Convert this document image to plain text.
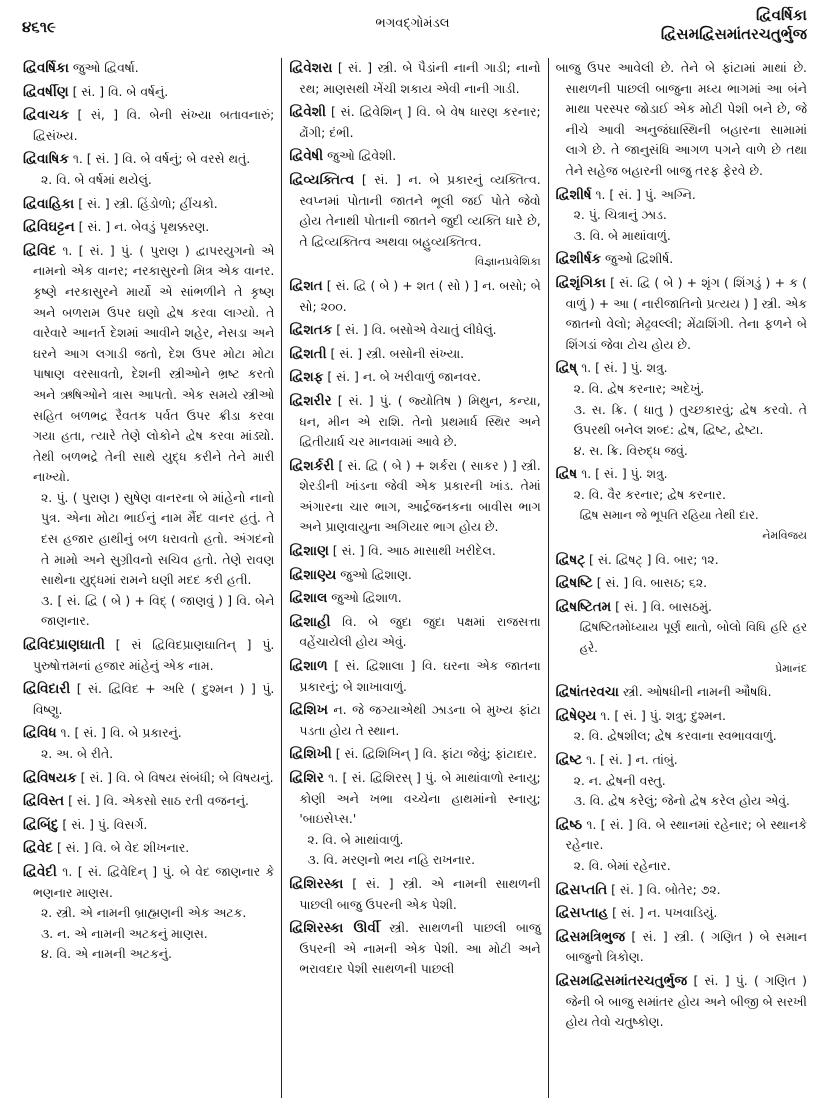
૪૬૧૯	ભગવદ્ગોમંડલ	દ્વિવર્ષિકા
દ્વિસમદ્વિસમાંતરચતુર્ભુજ
દ્વિવર્ષિકા જુઓ દ્વિવર્ષા.
દ્વિવર્ષીણ [ સં. ] વિ. બે વર્ષનું.
દ્વિવાચક [ સં, ] વિ. બેની સંખ્યા બતાવનારું; દ્વિસંખ્ય.
દ્વિવાષિક ૧. [ સં. ] વિ. બે વર્ષનું; બે વરસે થતું.
૨. વિ. બે વર્ષમાં થયેલું.
દ્વિવાહિકા [ સં. ] સ્ત્રી. હિંડોળો; હીંચકો.
દ્વિવિઘટ્ટન [ સં. ] ન. બેવડું પૃથક્કરણ.
દ્વિવિદ ૧. [ સં. ] પું. ( પુરાણ ) દ્વાપરયુગનો એ નામનો એક વાનર; નરકાસુરનો મિત્ર એક વાનર. કૃષ્ણે નરકાસુરને માર્યો એ સાંભળીને તે કૃષ્ણ અને બળરામ ઉપર ઘણો દ્વેષ કરવા લાગ્યો. તે વારેવારે આનર્ત દેશમાં આવીને શહેર, નેસડા અને ઘરને આગ લગાડી જતો, દેશ ઉપર મોટા મોટા પાષાણ વરસાવતો, દેશની સ્ત્રીઓને ભ્રષ્ટ કરતો અને ઋષિઓને ત્રાસ આપતો. એક સમયે સ્ત્રીઓ સહિત બળભદ્ર રૈવતક પર્વત ઉપર ક્રીડા કરવા ગયા હતા, ત્યારે તેણે લોકોને દ્વેષ કરવા માંડ્યો. તેથી બળભદ્રે તેની સાથે યુદ્ધ કરીને તેને મારી નાખ્યો.
૨. પું. ( પુરાણ ) સુષેણ વાનરના બે માંહેનો નાનો પુત્ર. એના મોટા ભાઈનું નામ મૈંદ વાનર હતું. તે દસ હજાર હાથીનું બળ ધરાવતો હતો. અંગદનો તે મામો અને સુગ્રીવનો સચિવ હતો. તેણે રાવણ સાથેના યુદ્ધમાં રામને ઘણી મદદ કરી હતી.
૩. [ સં. દ્વિ ( બે ) + વિદ્ ( જાણવું ) ] વિ. બેને જાણનાર.
દ્વિવિદપ્રાણઘાતી [ સં દ્વિવિદપ્રાણઘાતિન્ ] પું. પુરુષોત્તમનાં હજાર માંહેનું એક નામ.
દ્વિવિદારી [ સં. દ્વિવિદ + અરિ ( દુશ્મન ) ] પું. વિષ્ણુ.
દ્વિવિધ ૧. [ સં. ] વિ. બે પ્રકારનું.
૨. અ. બે રીતે.
દ્વિવિષયક [ સં. ] વિ. બે વિષય સંબંધી; બે વિષયનું.
દ્વિવિસ્ત [ સં. ] વિ. એકસો સાઠ રતી વજનનું.
દ્વિબિંદુ [ સં. ] પું. વિસર્ગ.
દ્વિવેદ [ સં. ] વિ. બે વેદ શીખનાર.
દ્વિવેદી ૧. [ સં. દ્વિવેદિન્ ] પું. બે વેદ જાણનાર કે ભણનાર માણસ.
૨. સ્ત્રી. એ નામની બ્રાહ્મણની એક અટક.
૩. ન. એ નામની અટકનું માણસ.
૪. વિ. એ નામની અટકનું.
દ્વિવેશરા [ સં. ] સ્ત્રી. બે પૈડાંની નાની ગાડી; નાનો રથ; માણસથી ખેંચી શકાય એવી નાની ગાડી.
દ્વિવેશી [ સં. દ્વિવેશિન્ ] વિ. બે વેષ ધારણ કરનાર; ઢોંગી; દંભી.
દ્વિવેષી જુઓ દ્વિવેશી.
દ્વિવ્યક્તિત્વ [ સં. ] ન. બે પ્રકારનું વ્યક્તિત્વ. સ્વપ્નમાં પોતાની જાતને ભૂલી જઈ પોતે જેવો હોય તેનાથી પોતાની જાતને જુદી વ્યક્તિ ધારે છે, તે દ્વિવ્યક્તિત્વ અથવા બહુવ્યક્તિત્વ.
વિજ્ઞાનપ્રવેશિકા
દ્વિશત [ સં. દ્વિ ( બે ) + શત ( સો ) ] ન. બસો; બે સો; ૨૦૦.
દ્વિશતક [ સં. ] વિ. બસોએ વેચાતું લીધેલું.
દ્વિશતી [ સં. ] સ્ત્રી. બસોની સંખ્યા.
દ્વિશફ [ સં. ] ન. બે ખરીવાળું જાનવર.
દ્વિશરીર [ સં. ] પું. ( જ્યોતિષ ) મિથુન, કન્યા, ધન, મીન એ રાશિ. તેનો પ્રથમાર્ધ સ્થિર અને દ્વિતીયાર્ધ ચર માનવામાં આવે છે.
દ્વિશર્કરી [ સં. દ્વિ ( બે ) + શર્કરા ( સાકર ) ] સ્ત્રી. શેરડીની ખાંડના જેવી એક પ્રકારની ખાંડ. તેમાં અંગારના ચાર ભાગ, આર્દ્રજનકના બાવીસ ભાગ અને પ્રાણવાયુના અગિયાર ભાગ હોય છે.
દ્વિશાણ [ સં. ] વિ. આઠ માસાથી ખરીદેલ.
દ્વિશાણ્ય જુઓ દ્વિશાણ.
દ્વિશાલ જુઓ દ્વિશાળ.
દ્વિશાહી વિ. બે જુદા જુદા પક્ષમાં રાજસત્તા વહેંચાયેલી હોય એવું.
દ્વિશાળ [ સં. દ્વિશાલા ] વિ. ઘરના એક જાતના પ્રકારનું; બે શાખાવાળું.
દ્વિશિખ ન. જે જગ્યાએથી ઝાડના બે મુખ્ય ફાંટા પડતા હોય તે સ્થાન.
દ્વિશિખી [ સં. દ્વિશિખિન્ ] વિ. ફાંટા જેવું; ફાંટાદાર.
દ્વિશિર ૧. [ સં. દ્વિશિરસ્ ] પું. બે માથાંવાળો સ્નાયુ; કોણી અને ખભા વચ્ચેના હાથમાંનો સ્નાયુ; 'બાઇસેપ્સ.'
૨. વિ. બે માથાંવાળું.
૩. વિ. મરણનો ભય નહિ રાખનાર.
દ્વિશિરસ્કા [ સં. ] સ્ત્રી. એ નામની સાથળની પાછલી બાજુ ઉપરની એક પેશી.
દ્વિશિરસ્કા ઊર્વી સ્ત્રી. સાથળની પાછલી બાજુ ઉપરની એ નામની એક પેશી. આ મોટી અને ભરાવદાર પેશી સાથળની પાછલી
બાજુ ઉપર આવેલી છે. તેને બે ફાંટામાં માથાં છે. સાથળની પાછલી બાજુના મધ્ય ભાગમાં આ બંને માથા પરસ્પર જોડાઈ એક મોટી પેશી બને છે, જે નીચે આવી અનુજંઘાસ્થિની બહારના સામામાં લાગે છે. તે જાનુસંધિ આગળ પગને વાળે છે તથા તેને સહેજ બહારની બાજુ તરફ ફેરવે છે.
દ્વિશીર્ષ ૧. [ સં. ] પું. અગ્નિ.
૨. પું. ચિત્રાનું ઝાડ.
૩. વિ. બે માથાંવાળું.
દ્વિશીર્ષક જુઓ દ્વિશીર્ષ.
દ્વિશૃંગિકા [ સં. દ્વિ ( બે ) + શૃંગ ( શિંગડું ) + ક ( વાળું ) + આ ( નારીજાતિનો પ્રત્યય ) ] સ્ત્રી. એક જાતનો વેલો; મેઢ્રવલ્લી; મેંઢાશિંગી. તેના ફળને બે શિંગડાં જેવા ટોચ હોય છે.
દ્વિષ્ ૧. [ સં. ] પું. શત્રુ.
૨. વિ. દ્વેષ કરનાર; અદેખું.
૩. સ. ક્રિ. ( ધાતુ ) તુચ્છકારવું; દ્વેષ કરવો. તે ઉપરથી બનેલ શબ્દ: દ્વેષ, દ્વિષ્ટ, દ્વેષ્ટા.
૪. સ. ક્રિ. વિરુદ્ધ જવું.
દ્વિષ ૧. [ સં. ] પું. શત્રુ.
૨. વિ. વૈર કરનાર; દ્વેષ કરનાર.
દ્વિષ સમાન જે ભૂપતિ રહિયા તેથી દાર.
નેમવિજય
દ્વિષટ્ [ સં. દ્વિષટ્ ] વિ. બાર; ૧૨.
દ્વિષષ્ટિ [ સં. ] વિ. બાસઠ; ૬૨.
દ્વિષષ્ટિતમ [ સં. ] વિ. બાસઠમું.
દ્વિષષ્ટિતમોધ્યાય પૂર્ણ થાતો, બોલો વિધિ હરિ હર હરે.
પ્રેમાનંદ
દ્વિષાંતરવચા સ્ત્રી. ઓષધીની નામની ઔષધિ.
દ્વિષેણ્ય ૧. [ સં. ] પું. શત્રુ; દુશ્મન.
૨. વિ. દ્વેષશીલ; દ્વેષ કરવાના સ્વભાવવાળું.
દ્વિષ્ટ ૧. [ સં. ] ન. તાંબું.
૨. ન. દ્વેષની વસ્તુ.
૩. વિ. દ્વેષ કરેલું; જેનો દ્વેષ કરેલ હોય એવું.
દ્વિષ્ઠ ૧. [ સં. ] વિ. બે સ્થાનમાં રહેનાર; બે સ્થાનકે રહેનાર.
૨. વિ. બેમાં રહેનાર.
દ્વિસપ્તતિ [ સં. ] વિ. બોતેર; ૭૨.
દ્વિસપ્તાહ [ સં. ] ન. પખવાડિયું.
દ્વિસમત્રિભુજ [ સં. ] સ્ત્રી. ( ગણિત ) બે સમાન બાજુનો ત્રિકોણ.
દ્વિસમદ્વિસમાંતરચતુર્ભુજ [ સં. ] પું. ( ગણિત ) જેની બે બાજુ સમાંતર હોય અને બીજી બે સરખી હોય તેવો ચતુષ્કોણ.
